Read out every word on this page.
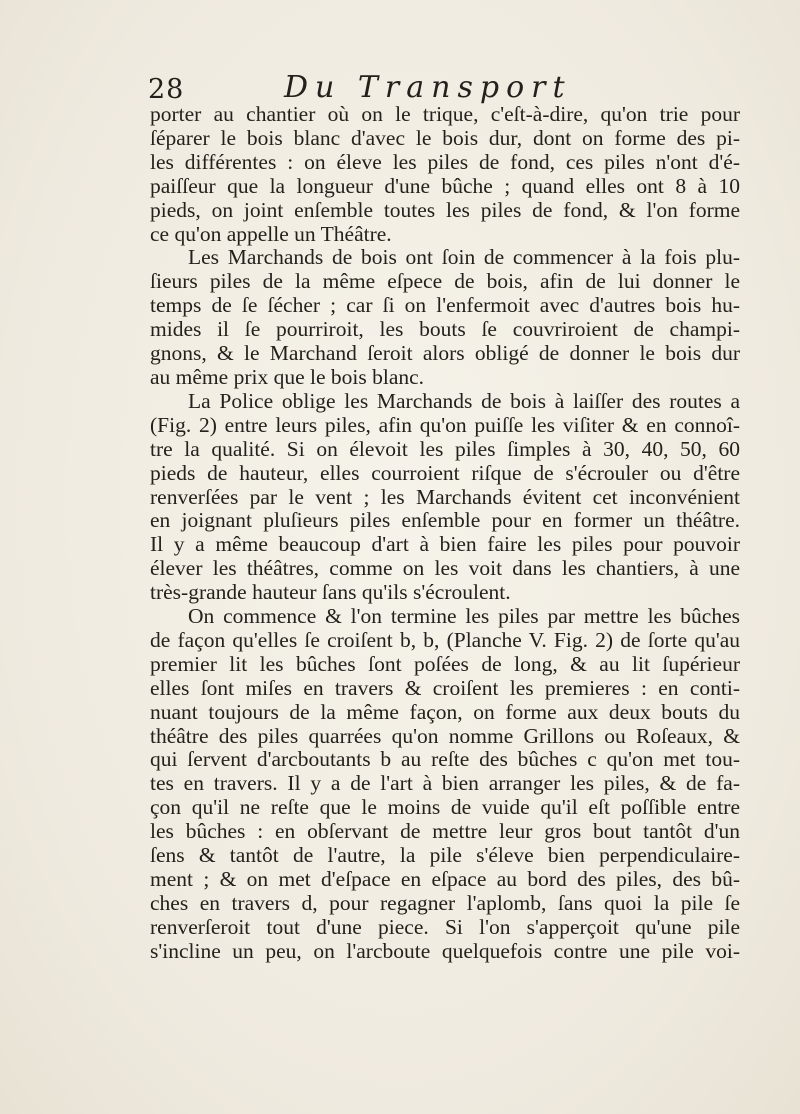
28	Du Transport
porter au chantier où on le trique, c'eſt-à-dire, qu'on trie pour
ſéparer le bois blanc d'avec le bois dur, dont on forme des pi-
les différentes : on éleve les piles de fond, ces piles n'ont d'é-
paiſſeur que la longueur d'une bûche ; quand elles ont 8 à 10
pieds, on joint enſemble toutes les piles de fond, & l'on forme
ce qu'on appelle un Théâtre.
Les Marchands de bois ont ſoin de commencer à la fois plu-
ſieurs piles de la même eſpece de bois, afin de lui donner le
temps de ſe ſécher ; car ſi on l'enfermoit avec d'autres bois hu-
mides il ſe pourriroit, les bouts ſe couvriroient de champi-
gnons, & le Marchand ſeroit alors obligé de donner le bois dur
au même prix que le bois blanc.
La Police oblige les Marchands de bois à laiſſer des routes a
(Fig. 2) entre leurs piles, afin qu'on puiſſe les viſiter & en connoî-
tre la qualité. Si on élevoit les piles ſimples à 30, 40, 50, 60
pieds de hauteur, elles courroient riſque de s'écrouler ou d'être
renverſées par le vent ; les Marchands évitent cet inconvénient
en joignant pluſieurs piles enſemble pour en former un théâtre.
Il y a même beaucoup d'art à bien faire les piles pour pouvoir
élever les théâtres, comme on les voit dans les chantiers, à une
très-grande hauteur ſans qu'ils s'écroulent.
On commence & l'on termine les piles par mettre les bûches
de façon qu'elles ſe croiſent b, b, (Planche V. Fig. 2) de ſorte qu'au
premier lit les bûches ſont poſées de long, & au lit ſupérieur
elles ſont miſes en travers & croiſent les premieres : en conti-
nuant toujours de la même façon, on forme aux deux bouts du
théâtre des piles quarrées qu'on nomme Grillons ou Roſeaux, &
qui ſervent d'arcboutants b au reſte des bûches c qu'on met tou-
tes en travers. Il y a de l'art à bien arranger les piles, & de fa-
çon qu'il ne reſte que le moins de vuide qu'il eſt poſſible entre
les bûches : en obſervant de mettre leur gros bout tantôt d'un
ſens & tantôt de l'autre, la pile s'éleve bien perpendiculaire-
ment ; & on met d'eſpace en eſpace au bord des piles, des bû-
ches en travers d, pour regagner l'aplomb, ſans quoi la pile ſe
renverſeroit tout d'une piece. Si l'on s'apperçoit qu'une pile
s'incline un peu, on l'arcboute quelquefois contre une pile voi-
